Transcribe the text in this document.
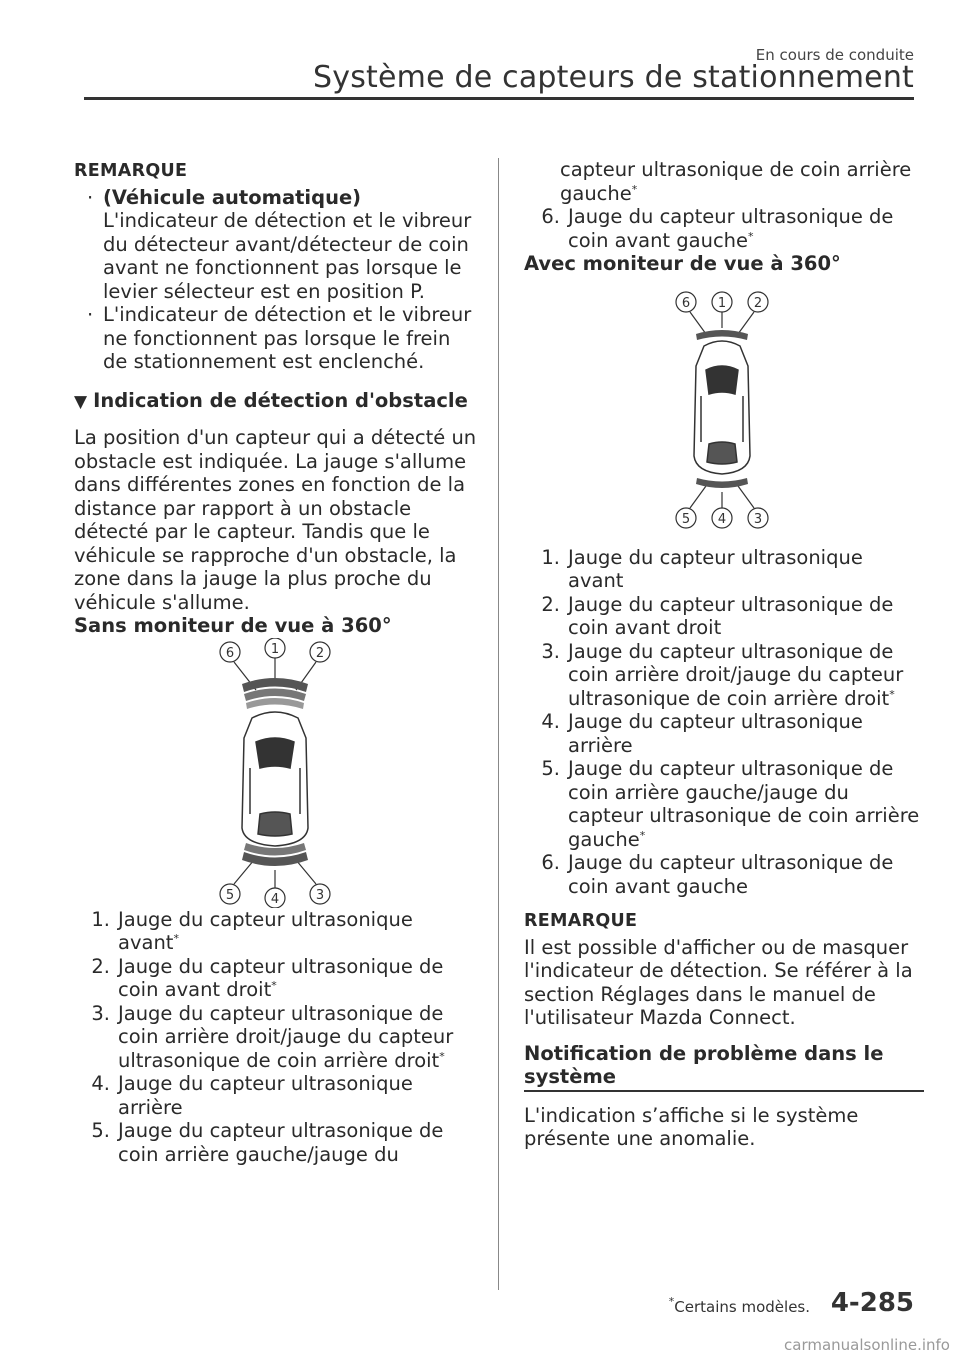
En cours de conduite
Système de capteurs de stationnement
REMARQUE
· (Véhicule automatique)
L'indicateur de détection et le vibreur du détecteur avant/détecteur de coin avant ne fonctionnent pas lorsque le levier sélecteur est en position P.
· L'indicateur de détection et le vibreur ne fonctionnent pas lorsque le frein de stationnement est enclenché.
▼ Indication de détection d'obstacle

La position d'un capteur qui a détecté un obstacle est indiquée. La jauge s'allume dans différentes zones en fonction de la distance par rapport à un obstacle détecté par le capteur. Tandis que le véhicule se rapproche d'un obstacle, la zone dans la jauge la plus proche du véhicule s'allume.

Sans moniteur de vue à 360°
6	1	2
5	4	3
1. Jauge du capteur ultrasonique avant*
2. Jauge du capteur ultrasonique de coin avant droit*
3. Jauge du capteur ultrasonique de coin arrière droit/jauge du capteur ultrasonique de coin arrière droit*
4. Jauge du capteur ultrasonique arrière
5. Jauge du capteur ultrasonique de coin arrière gauche/jauge du
capteur ultrasonique de coin arrière gauche*
6. Jauge du capteur ultrasonique de coin avant gauche*
Avec moniteur de vue à 360°
6 1 2
5 4 3
1. Jauge du capteur ultrasonique avant
2. Jauge du capteur ultrasonique de coin avant droit
3. Jauge du capteur ultrasonique de coin arrière droit/jauge du capteur ultrasonique de coin arrière droit*
4. Jauge du capteur ultrasonique arrière
5. Jauge du capteur ultrasonique de coin arrière gauche/jauge du capteur ultrasonique de coin arrière gauche*
6. Jauge du capteur ultrasonique de coin avant gauche
REMARQUE

Il est possible d'afficher ou de masquer l'indicateur de détection. Se référer à la section Réglages dans le manuel de l'utilisateur Mazda Connect.

Notification de problème dans le système

L'indication s’affiche si le système présente une anomalie.

*Certains modèles. 4-285
carmanualsonline.info
